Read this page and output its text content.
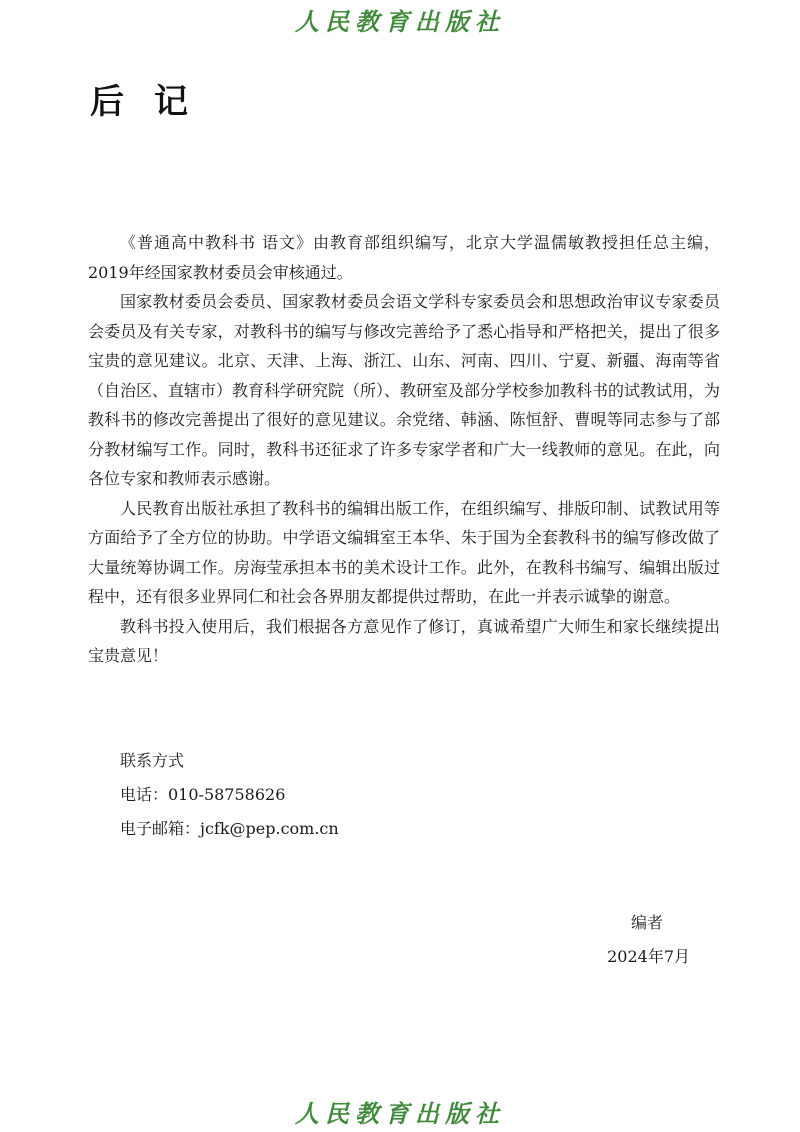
人民教育出版社
后记

《普通高中教科书 语文》由教育部组织编写，北京大学温儒敏教授担任总主编，2019年经国家教材委员会审核通过。

国家教材委员会委员、国家教材委员会语文学科专家委员会和思想政治审议专家委员会委员及有关专家，对教科书的编写与修改完善给予了悉心指导和严格把关，提出了很多宝贵的意见建议。北京、天津、上海、浙江、山东、河南、四川、宁夏、新疆、海南等省（自治区、直辖市）教育科学研究院（所）、教研室及部分学校参加教科书的试教试用，为教科书的修改完善提出了很好的意见建议。余党绪、韩涵、陈恒舒、曹晛等同志参与了部分教材编写工作。同时，教科书还征求了许多专家学者和广大一线教师的意见。在此，向各位专家和教师表示感谢。

人民教育出版社承担了教科书的编辑出版工作，在组织编写、排版印制、试教试用等方面给予了全方位的协助。中学语文编辑室王本华、朱于国为全套教科书的编写修改做了大量统筹协调工作。房海莹承担本书的美术设计工作。此外，在教科书编写、编辑出版过程中，还有很多业界同仁和社会各界朋友都提供过帮助，在此一并表示诚挚的谢意。

教科书投入使用后，我们根据各方意见作了修订，真诚希望广大师生和家长继续提出宝贵意见！

联系方式
电话：010-58758626
电子邮箱：jcfk@pep.com.cn
编者
2024年7月
人民教育出版社
